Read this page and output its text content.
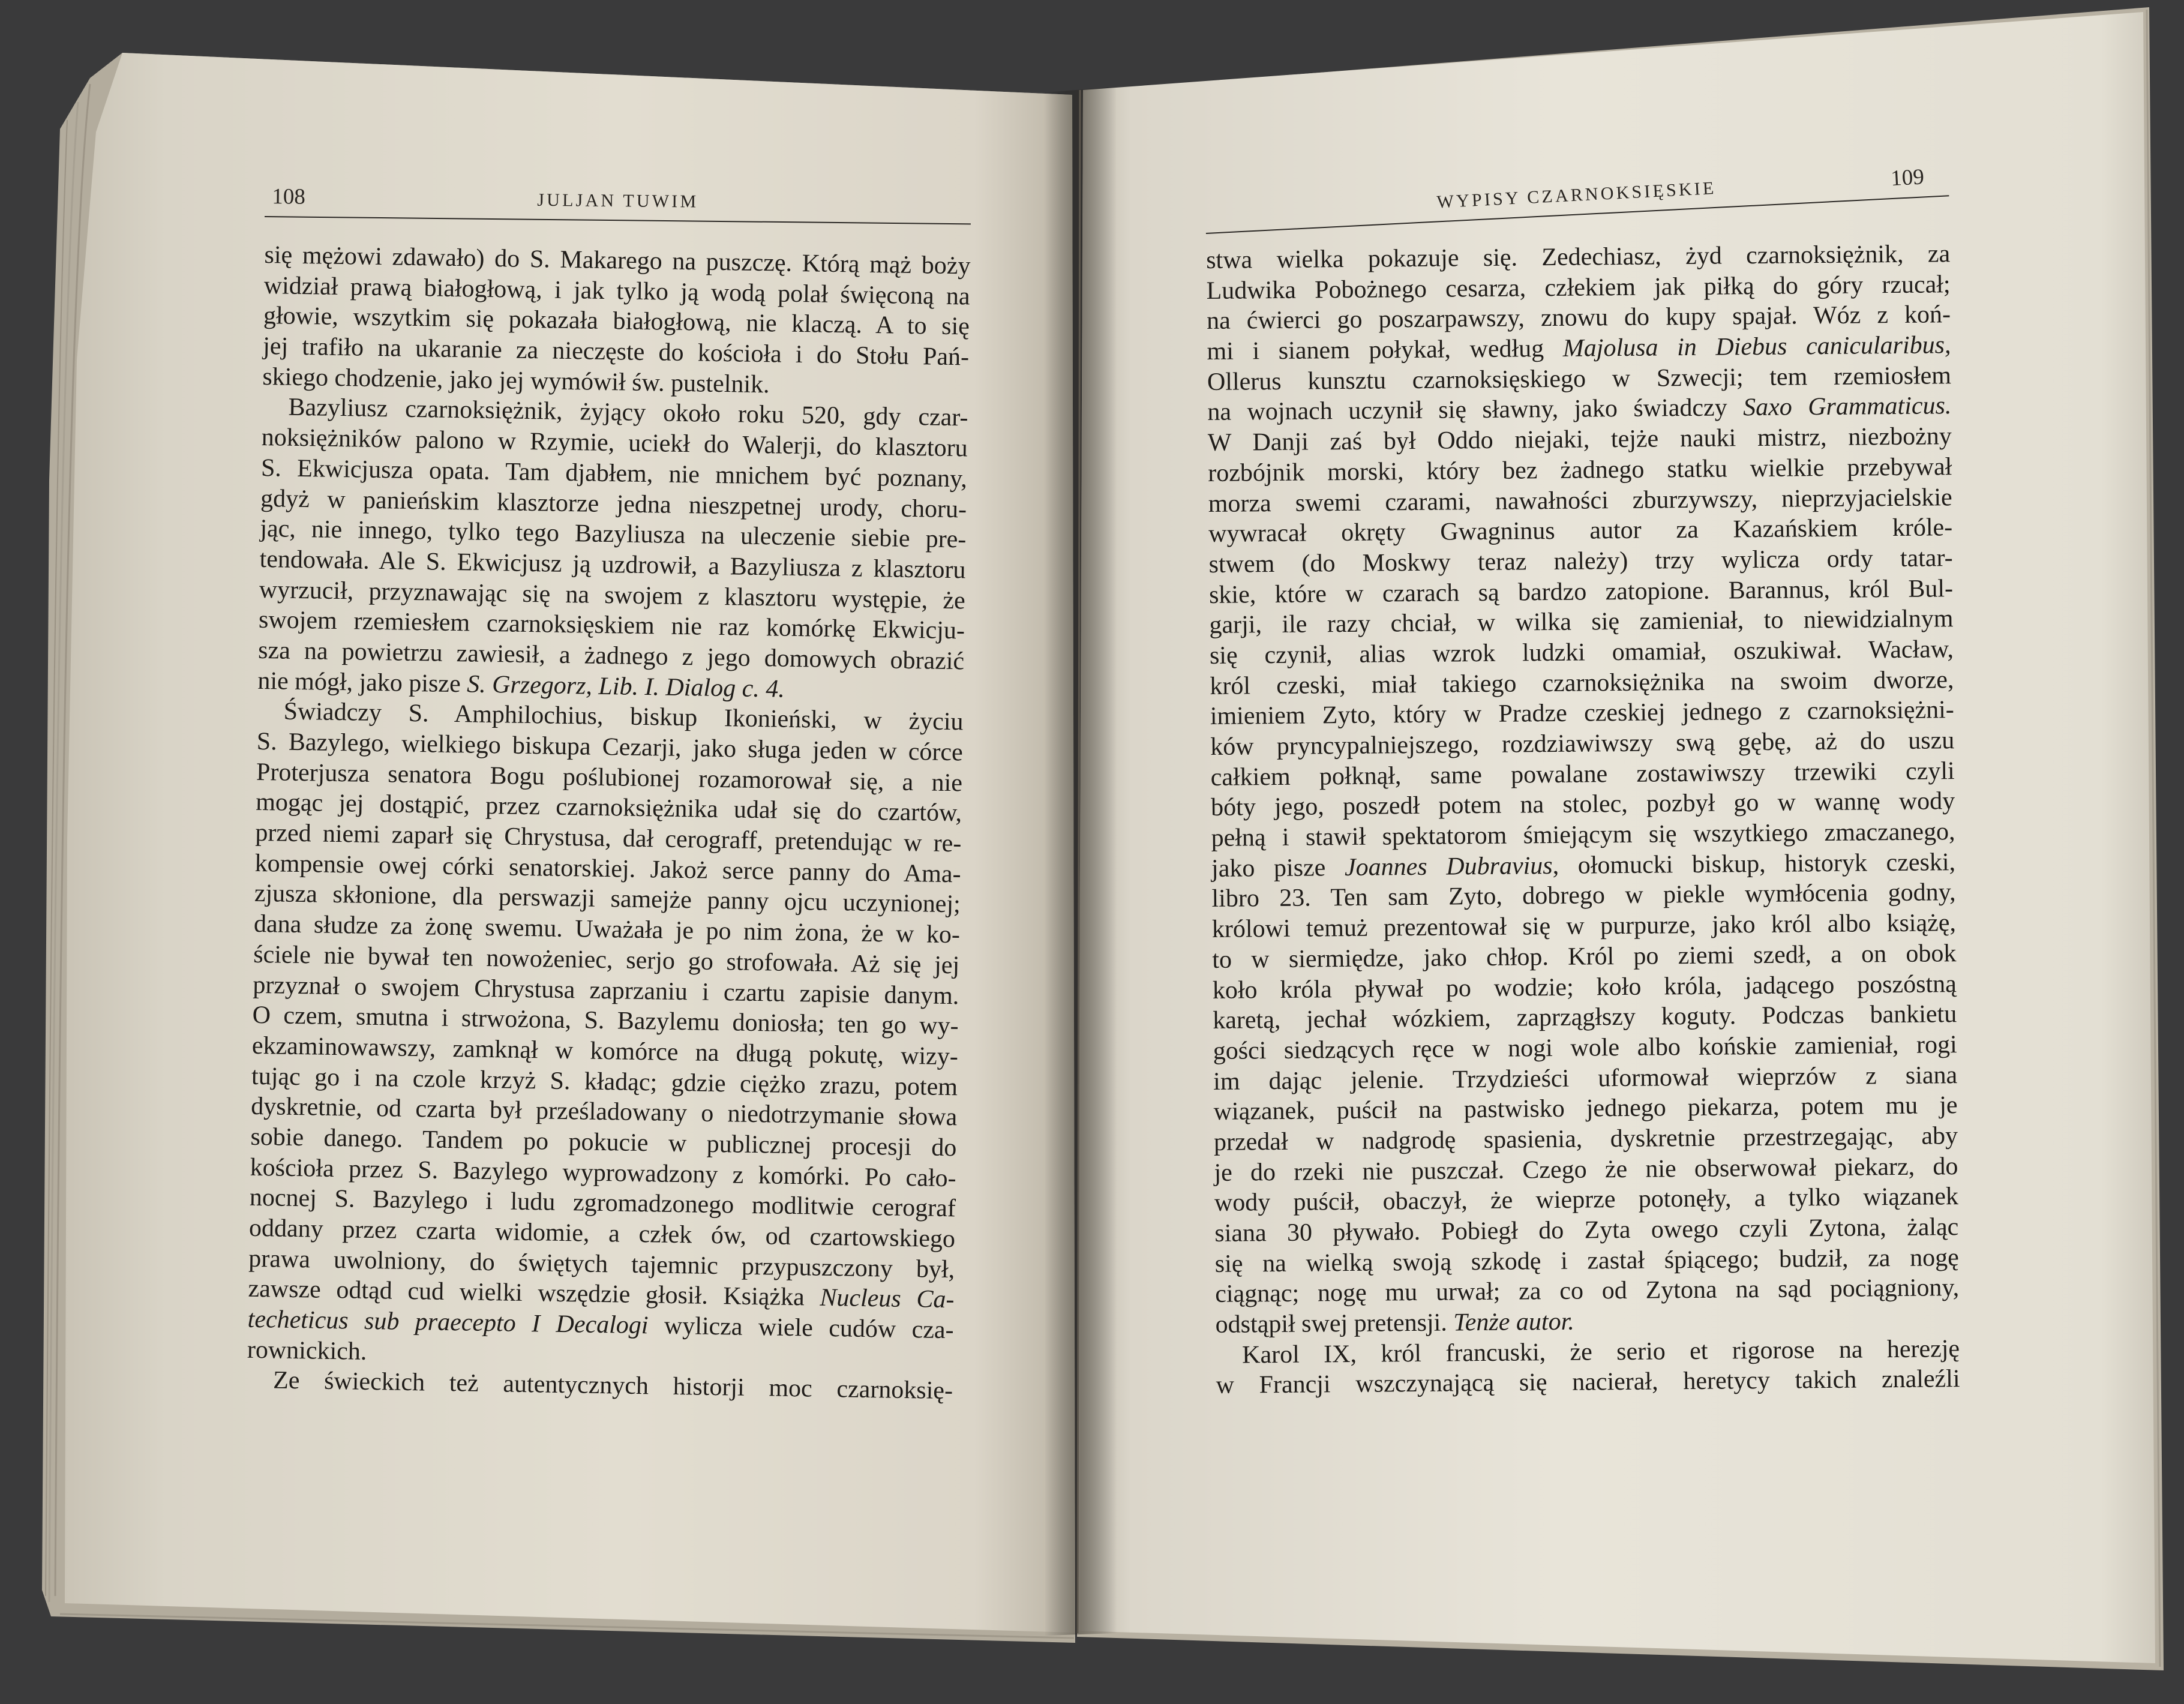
108	JULJAN TUWIM
się mężowi zdawało) do S. Makarego na puszczę. Którą mąż boży
widział prawą białogłową, i jak tylko ją wodą polał święconą na
głowie, wszytkim się pokazała białogłową, nie klaczą. A to się
jej trafiło na ukaranie za nieczęste do kościoła i do Stołu Pań-
skiego chodzenie, jako jej wymówił św. pustelnik.
Bazyliusz czarnoksiężnik, żyjący około roku 520, gdy czar-
noksiężników palono w Rzymie, uciekł do Walerji, do klasztoru
S. Ekwicjusza opata. Tam djabłem, nie mnichem być poznany,
gdyż w panieńskim klasztorze jedna nieszpetnej urody, choru-
jąc, nie innego, tylko tego Bazyliusza na uleczenie siebie pre-
tendowała. Ale S. Ekwicjusz ją uzdrowił, a Bazyliusza z klasztoru
wyrzucił, przyznawając się na swojem z klasztoru występie, że
swojem rzemiesłem czarnoksięskiem nie raz komórkę Ekwicju-
sza na powietrzu zawiesił, a żadnego z jego domowych obrazić
nie mógł, jako pisze S. Grzegorz, Lib. I. Dialog c. 4.
Świadczy S. Amphilochius, biskup Ikonieński, w życiu
S. Bazylego, wielkiego biskupa Cezarji, jako sługa jeden w córce
Proterjusza senatora Bogu poślubionej rozamorował się, a nie
mogąc jej dostąpić, przez czarnoksiężnika udał się do czartów,
przed niemi zaparł się Chrystusa, dał cerograff, pretendując w re-
kompensie owej córki senatorskiej. Jakoż serce panny do Ama-
zjusza skłonione, dla perswazji samejże panny ojcu uczynionej;
dana słudze za żonę swemu. Uważała je po nim żona, że w ko-
ściele nie bywał ten nowożeniec, serjo go strofowała. Aż się jej
przyznał o swojem Chrystusa zaprzaniu i czartu zapisie danym.
O czem, smutna i strwożona, S. Bazylemu doniosła; ten go wy-
ekzaminowawszy, zamknął w komórce na długą pokutę, wizy-
tując go i na czole krzyż S. kładąc; gdzie ciężko zrazu, potem
dyskretnie, od czarta był prześladowany o niedotrzymanie słowa
sobie danego. Tandem po pokucie w publicznej procesji do
kościoła przez S. Bazylego wyprowadzony z komórki. Po cało-
nocnej S. Bazylego i ludu zgromadzonego modlitwie cerograf
oddany przez czarta widomie, a człek ów, od czartowskiego
prawa uwolniony, do świętych tajemnic przypuszczony był,
zawsze odtąd cud wielki wszędzie głosił. Książka Nucleus Ca-
techeticus sub praecepto I Decalogi wylicza wiele cudów cza-
rownickich.
Ze świeckich też autentycznych historji moc czarnoksię-
WYPISY CZARNOKSIĘSKIE
109
stwa wielka pokazuje się. Zedechiasz, żyd czarnoksiężnik, za
Ludwika Pobożnego cesarza, człekiem jak piłką do góry rzucał;
na ćwierci go poszarpawszy, znowu do kupy spajał. Wóz z koń-
mi i sianem połykał, według Majolusa in Diebus canicularibus,
Ollerus kunsztu czarnoksięskiego w Szwecji; tem rzemiosłem
na wojnach uczynił się sławny, jako świadczy Saxo Grammaticus.
W Danji zaś był Oddo niejaki, tejże nauki mistrz, niezbożny
rozbójnik morski, który bez żadnego statku wielkie przebywał
morza swemi czarami, nawałności zburzywszy, nieprzyjacielskie
wywracał okręty Gwagninus autor za Kazańskiem króle-
stwem (do Moskwy teraz należy) trzy wylicza ordy tatar-
skie, które w czarach są bardzo zatopione. Barannus, król Bul-
garji, ile razy chciał, w wilka się zamieniał, to niewidzialnym
się czynił, alias wzrok ludzki omamiał, oszukiwał. Wacław,
król czeski, miał takiego czarnoksiężnika na swoim dworze,
imieniem Zyto, który w Pradze czeskiej jednego z czarnoksiężni-
ków pryncypalniejszego, rozdziawiwszy swą gębę, aż do uszu
całkiem połknął, same powalane zostawiwszy trzewiki czyli
bóty jego, poszedł potem na stolec, pozbył go w wannę wody
pełną i stawił spektatorom śmiejącym się wszytkiego zmaczanego,
jako pisze Joannes Dubravius, ołomucki biskup, historyk czeski,
libro 23. Ten sam Zyto, dobrego w piekle wymłócenia godny,
królowi temuż prezentował się w purpurze, jako król albo książę,
to w siermiędze, jako chłop. Król po ziemi szedł, a on obok
koło króla pływał po wodzie; koło króla, jadącego poszóstną
karetą, jechał wózkiem, zaprzągłszy koguty. Podczas bankietu
gości siedzących ręce w nogi wole albo końskie zamieniał, rogi
im dając jelenie. Trzydzieści uformował wieprzów z siana
wiązanek, puścił na pastwisko jednego piekarza, potem mu je
przedał w nadgrodę spasienia, dyskretnie przestrzegając, aby
je do rzeki nie puszczał. Czego że nie obserwował piekarz, do
wody puścił, obaczył, że wieprze potonęły, a tylko wiązanek
siana 30 pływało. Pobiegł do Zyta owego czyli Zytona, żaląc
się na wielką swoją szkodę i zastał śpiącego; budził, za nogę
ciągnąc; nogę mu urwał; za co od Zytona na sąd pociągniony,
odstąpił swej pretensji. Tenże autor.
Karol IX, król francuski, że serio et rigorose na herezję
w Francji wszczynającą się nacierał, heretycy takich znaleźli
